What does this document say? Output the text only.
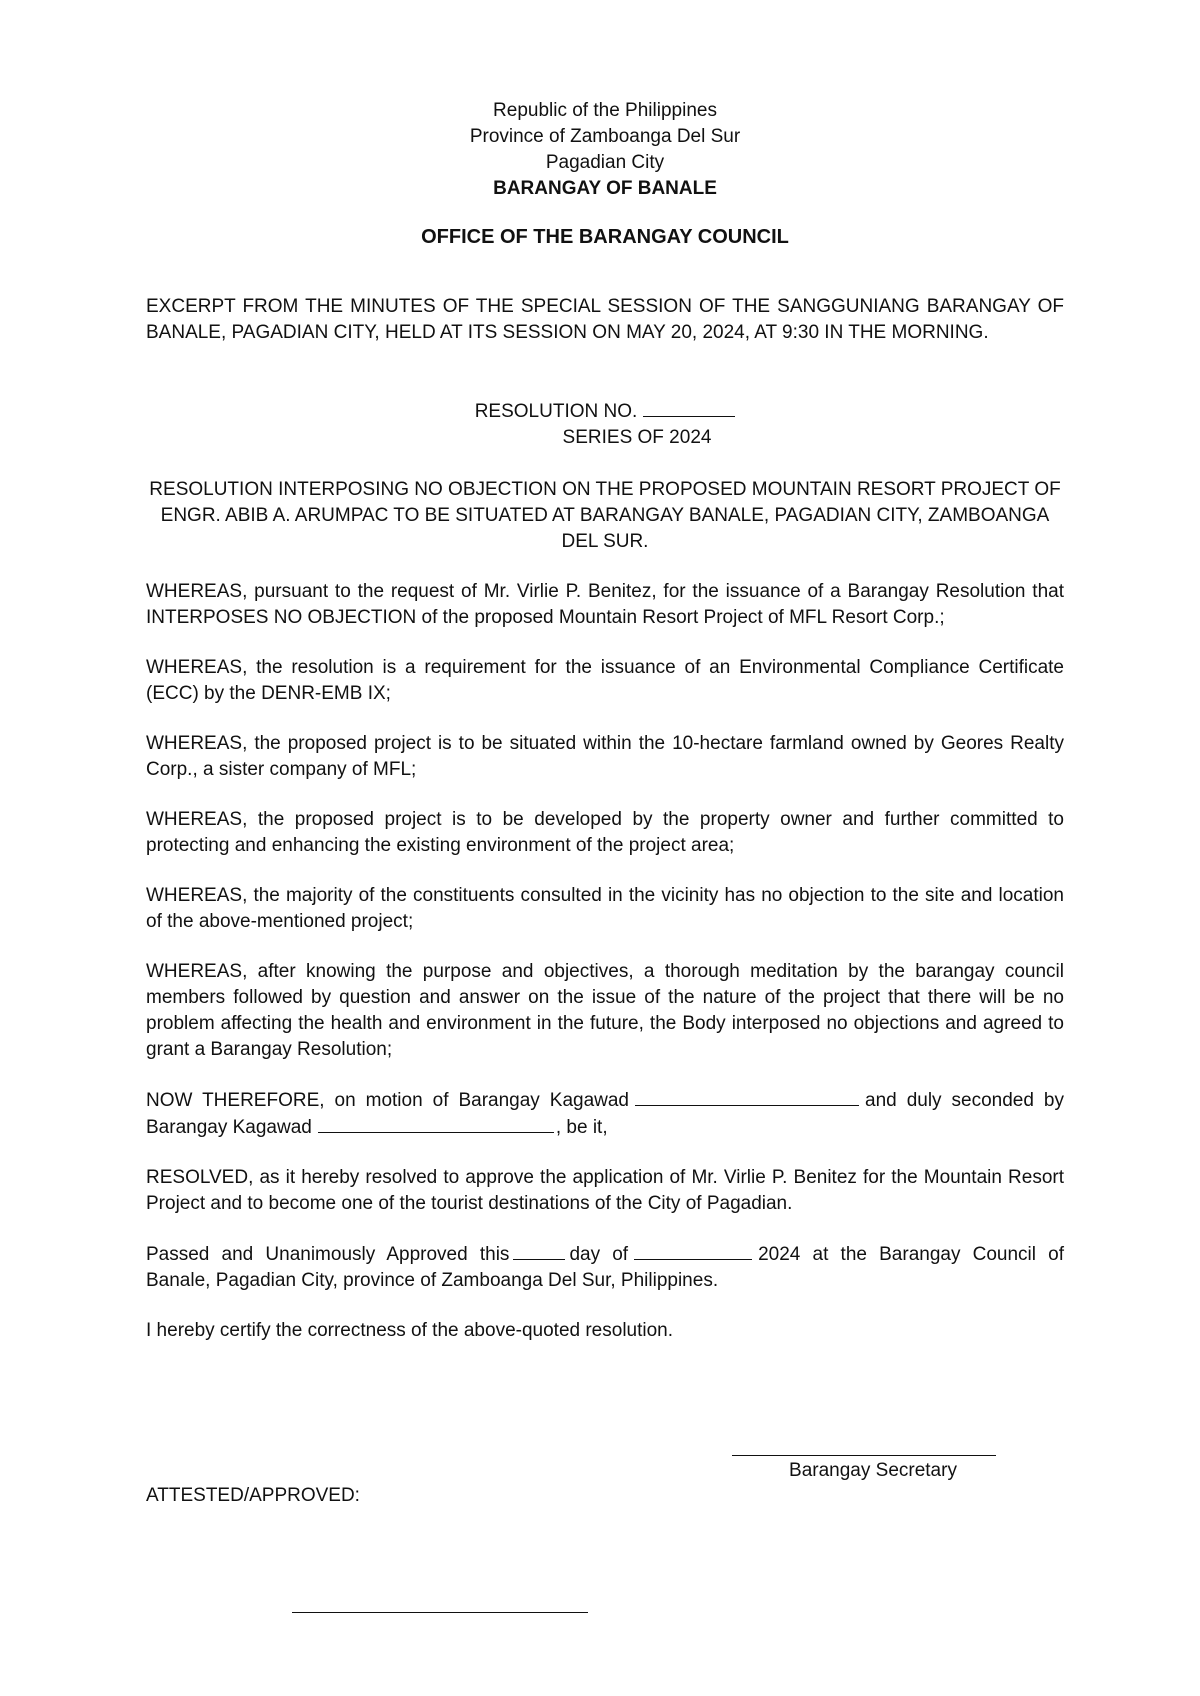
Republic of the Philippines
Province of Zamboanga Del Sur
Pagadian City
BARANGAY OF BANALE
OFFICE OF THE BARANGAY COUNCIL
EXCERPT FROM THE MINUTES OF THE SPECIAL SESSION OF THE SANGGUNIANG BARANGAY OF BANALE, PAGADIAN CITY, HELD AT ITS SESSION ON MAY 20, 2024, AT 9:30 IN THE MORNING.
RESOLUTION NO.
SERIES OF 2024
RESOLUTION INTERPOSING NO OBJECTION ON THE PROPOSED MOUNTAIN RESORT PROJECT OF ENGR. ABIB A. ARUMPAC TO BE SITUATED AT BARANGAY BANALE, PAGADIAN CITY, ZAMBOANGA DEL SUR.
WHEREAS, pursuant to the request of Mr. Virlie P. Benitez, for the issuance of a Barangay Resolution that INTERPOSES NO OBJECTION of the proposed Mountain Resort Project of MFL Resort Corp.;
WHEREAS, the resolution is a requirement for the issuance of an Environmental Compliance Certificate (ECC) by the DENR-EMB IX;
WHEREAS, the proposed project is to be situated within the 10-hectare farmland owned by Geores Realty Corp., a sister company of MFL;
WHEREAS, the proposed project is to be developed by the property owner and further committed to protecting and enhancing the existing environment of the project area;
WHEREAS, the majority of the constituents consulted in the vicinity has no objection to the site and location of the above-mentioned project;
WHEREAS, after knowing the purpose and objectives, a thorough meditation by the barangay council members followed by question and answer on the issue of the nature of the project that there will be no problem affecting the health and environment in the future, the Body interposed no objections and agreed to grant a Barangay Resolution;
NOW THEREFORE, on motion of Barangay Kagawad	and duly seconded by Barangay Kagawad	, be it,
RESOLVED, as it hereby resolved to approve the application of Mr. Virlie P. Benitez for the Mountain Resort Project and to become one of the tourist destinations of the City of Pagadian.
Passed and Unanimously Approved this	day of	2024 at the Barangay Council of Banale, Pagadian City, province of Zamboanga Del Sur, Philippines.
I hereby certify the correctness of the above-quoted resolution.
Barangay Secretary
ATTESTED/APPROVED:
